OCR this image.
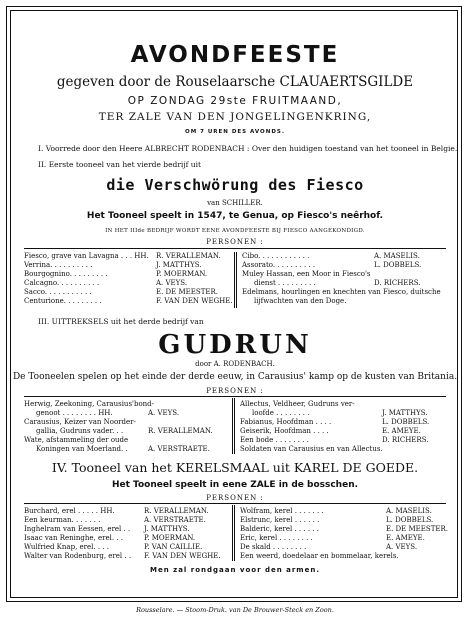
AVONDFEESTE
gegeven door de Rouselaarsche CLAUAERTSGILDE
OP ZONDAG 29ste FRUITMAAND,
TER ZALE VAN DEN JONGELINGENKRING,
OM 7 UREN DES AVONDS.
I. Voorrede door den Heere ALBRECHT RODENBACH : Over den huidigen toestand van het tooneel in Belgie.
II. Eerste tooneel van het vierde bedrijf uit
die Verschwörung des Fiesco
van SCHILLER.
Het Tooneel speelt in 1547, te Genua, op Fiesco's neêrhof.
IN HET IIIde BEDRIJF WORDT EENE AVONDFEESTE BIJ FIESCO AANGEKONDIGD.
PERSONEN :
Fiesco, grave van Lavagna . . . HH. R. VERALLEMAN.
Verrina. . . . . . . . . .	J. MATTHYS.
Bourgognino. . . . . . . . .	P. MOERMAN.
Calcagno. . . . . . . . . .	A. VEYS.
Sacco. . . . . . . . . . .	E. DE MEESTER.
Centurione. . . . . . . . .	F. VAN DEN WEGHE.
Cibo. . . . . . . . . . . .	A. MASELIS.
Assorato. . . . . . . . . .	L. DOBBELS.
Muley Hassan, een Moor in Fiesco's
dienst . . . . . . . . .	D. RICHERS.
Edelmans, hourlingen en knechten van Fiesco, duitsche
lijfwachten van den Doge.
III. UITTREKSELS uit het derde bedrijf van
GUDRUN
door A. RODENBACH.
De Tooneelen spelen op het einde der derde eeuw, in Carausius' kamp op de kusten van Britania.
PERSONEN :
Herwig, Zeekoning, Carausius'bond-
genoot . . . . . . . . HH.	A. VEYS.
Carausius, Keizer van Noorder-
gallia, Gudruns vader. . .	R. VERALLEMAN.
Wate, afstammeling der oude
Koningen van Moerland. .	A. VERSTRAETE.
Allectus, Veldheer, Gudruns ver-
loofde . . . . . . . .	J. MATTHYS.
Fabianus, Hoofdman . . . .	L. DOBBELS.
Geiserik, Hoofdman . . . .	E. AMEYE.
Een bode . . . . . . . .	D. RICHERS.
Soldaten van Carausius en van Allectus.
IV. Tooneel van het KERELSMAAL uit KAREL DE GOEDE.
Het Tooneel speelt in eene ZALE in de bosschen.
PERSONEN :
Burchard, erel . . . . . HH.	R. VERALLEMAN.
Een keurman. . . . . . .	A. VERSTRAETE.
Inghelram van Eessen, erel . . J. MATTHYS.
Isaac van Reninghe, erel. . .	P. MOERMAN.
Wulfried Knap, erel. . . .	P. VAN CAILLIE.
Walter van Rodenburg, erel . . F. VAN DEN WEGHE.
Wolfram, kerel . . . . . . .	A. MASELIS.
Elstrunc, kerel . . . . . .	L. DOBBELS.
Balderic, kerel . . . . . .	E. DE MEESTER.
Eric, kerel . . . . . . . .	E. AMEYE.
De skald . . . . . . . .	A. VEYS.
Een weerd, doedelaar en bommelaar, kerels.
Men zal rondgaan voor den armen.
Rousselare. — Stoom-Druk. van De Brouwer-Steck en Zoon.
